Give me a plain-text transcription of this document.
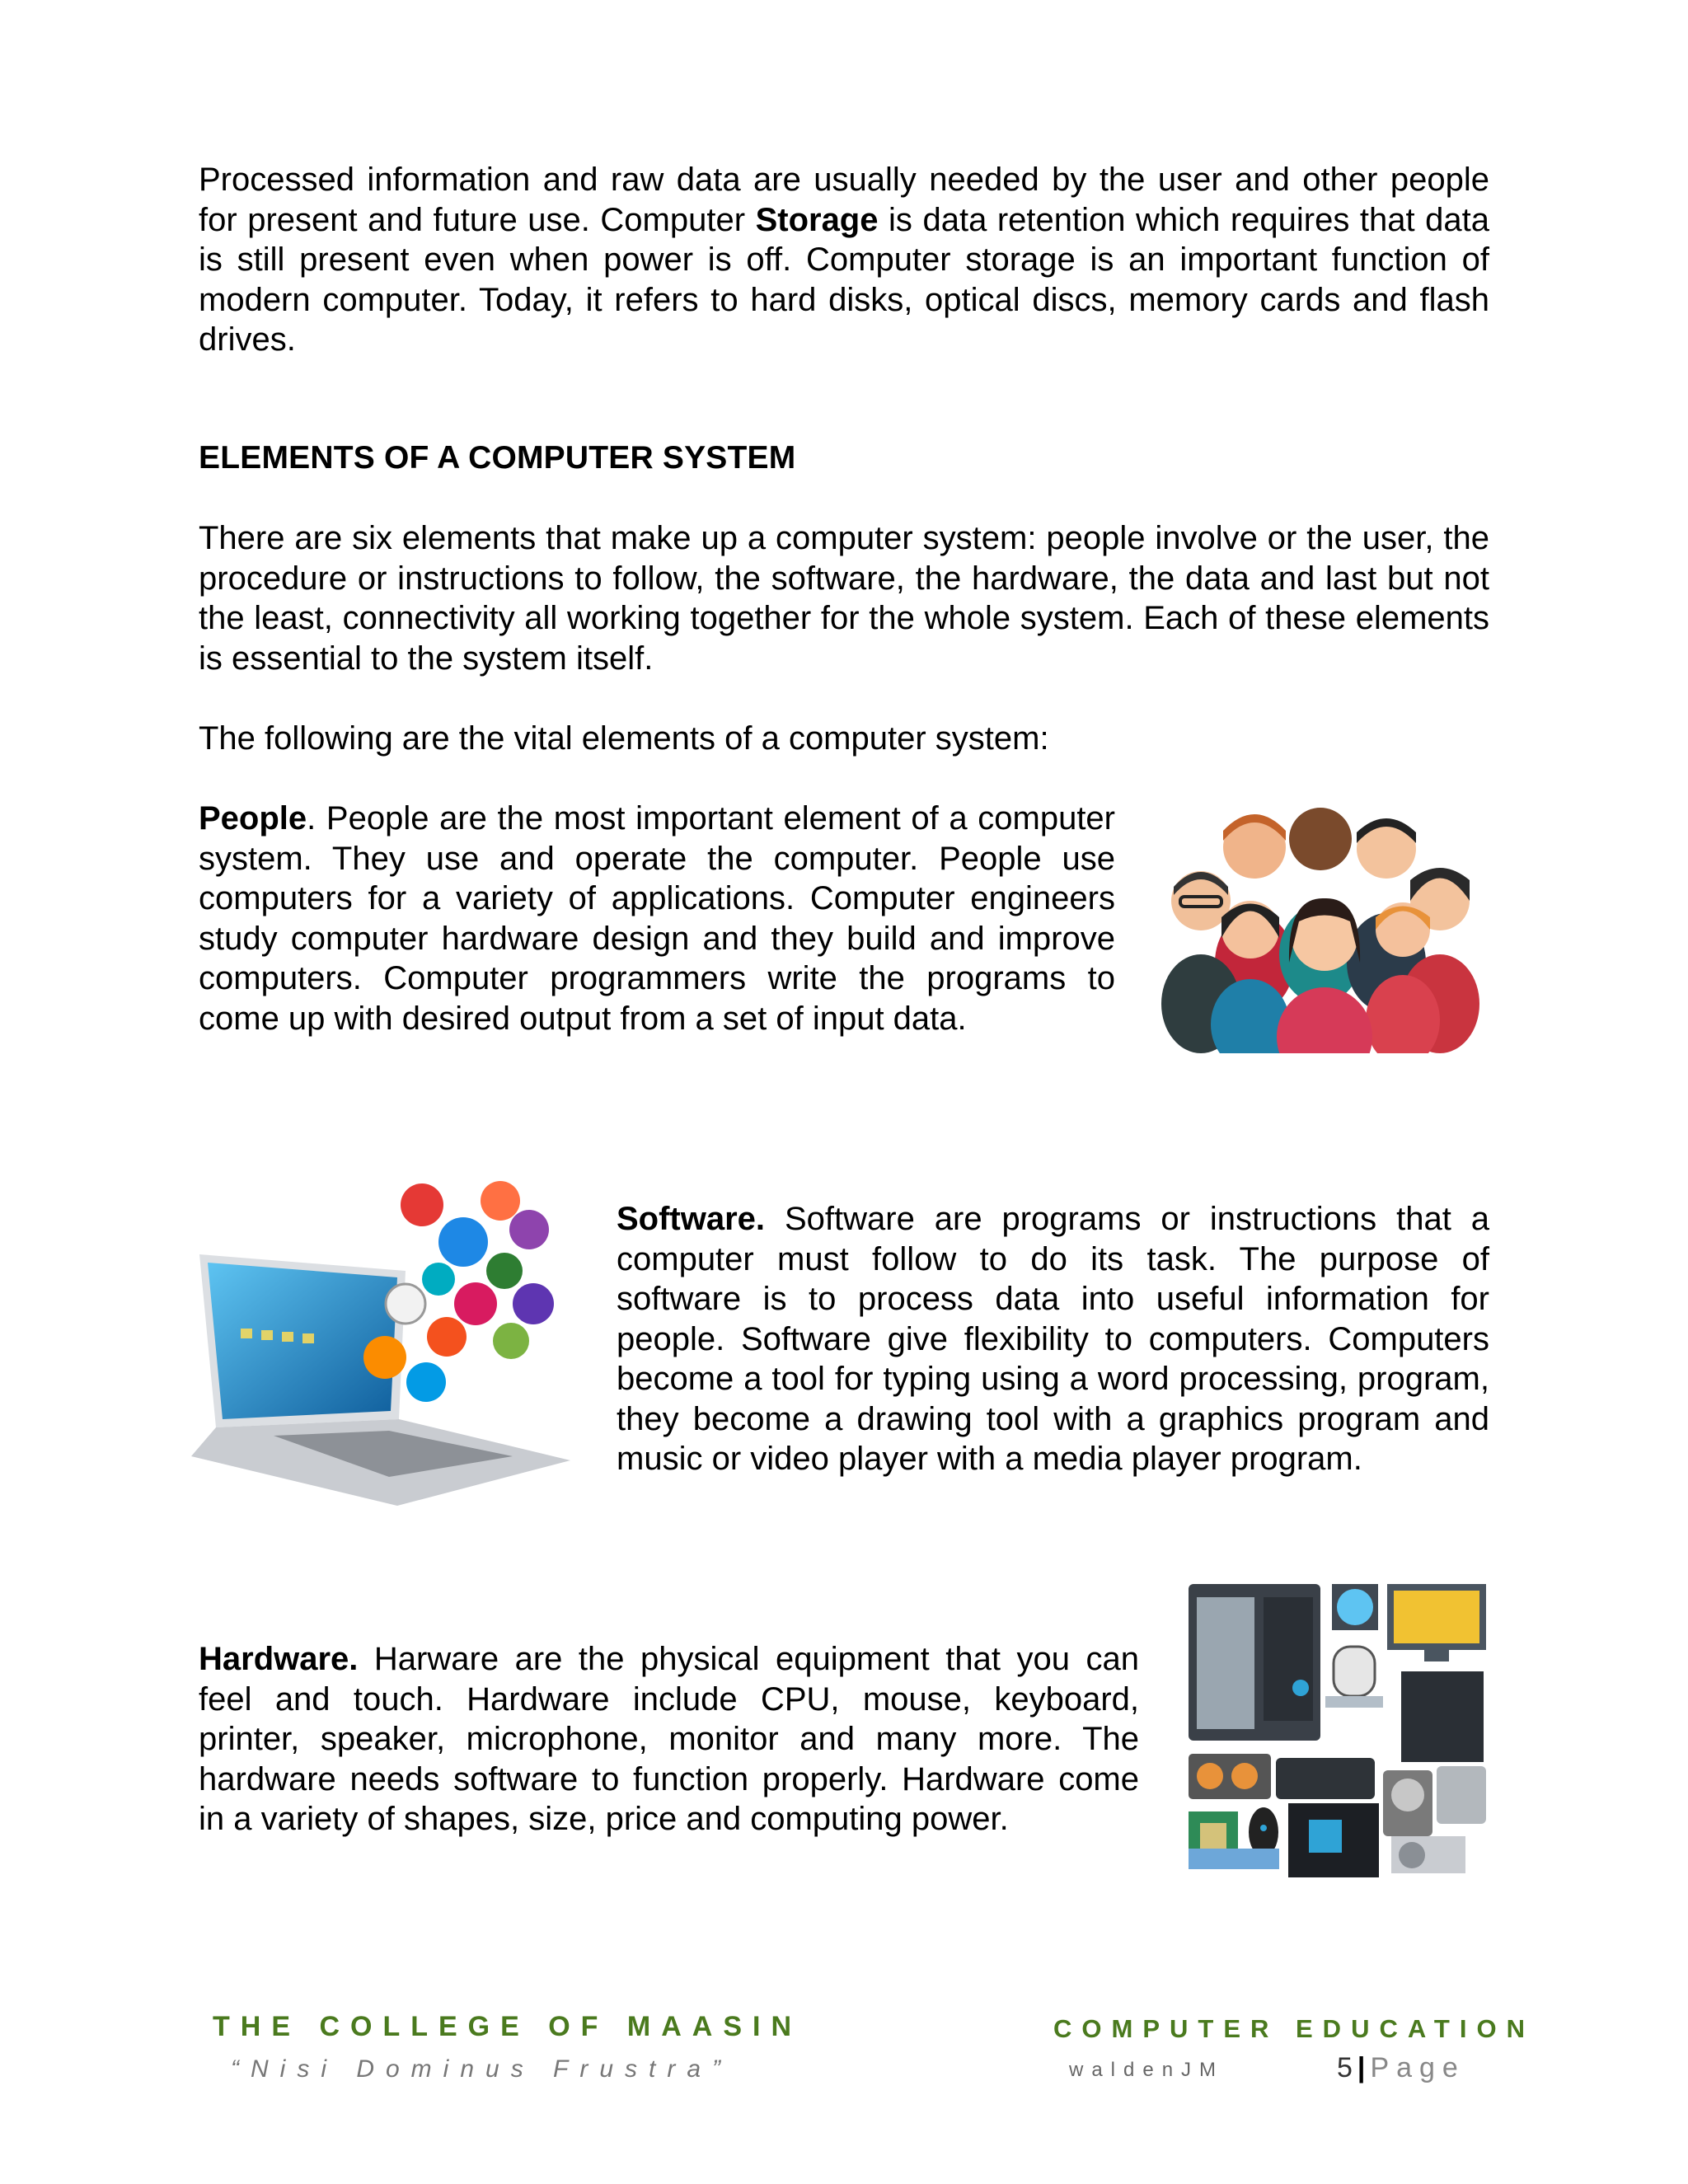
Processed information and raw data are usually needed by the user and other people for present and future use. Computer Storage is data retention which requires that data is still present even when power is off. Computer storage is an important function of modern computer. Today, it refers to hard disks, optical discs, memory cards and flash drives.

ELEMENTS OF A COMPUTER SYSTEM

There are six elements that make up a computer system: people involve or the user, the procedure or instructions to follow, the software, the hardware, the data and last but not the least, connectivity all working together for the whole system. Each of these elements is essential to the system itself.

The following are the vital elements of a computer system:

People. People are the most important element of a computer system. They use and operate the computer. People use computers for a variety of applications. Computer engineers study computer hardware design and they build and improve computers. Computer programmers write the programs to come up with desired output from a set of input data.

Software. Software are programs or instructions that a computer must follow to do its task. The purpose of software is to process data into useful information for people. Software give flexibility to computers. Computers become a tool for typing using a word processing, program, they become a drawing tool with a graphics program and music or video player with a media player program.

Hardware. Harware are the physical equipment that you can feel and touch. Hardware include CPU, mouse, keyboard, printer, speaker, microphone, monitor and many more. The hardware needs software to function properly. Hardware come in a variety of shapes, size, price and computing power.

THE COLLEGE OF MAASIN
“Nisi Dominus Frustra”
COMPUTER EDUCATION
waldenJM	5 | Page
